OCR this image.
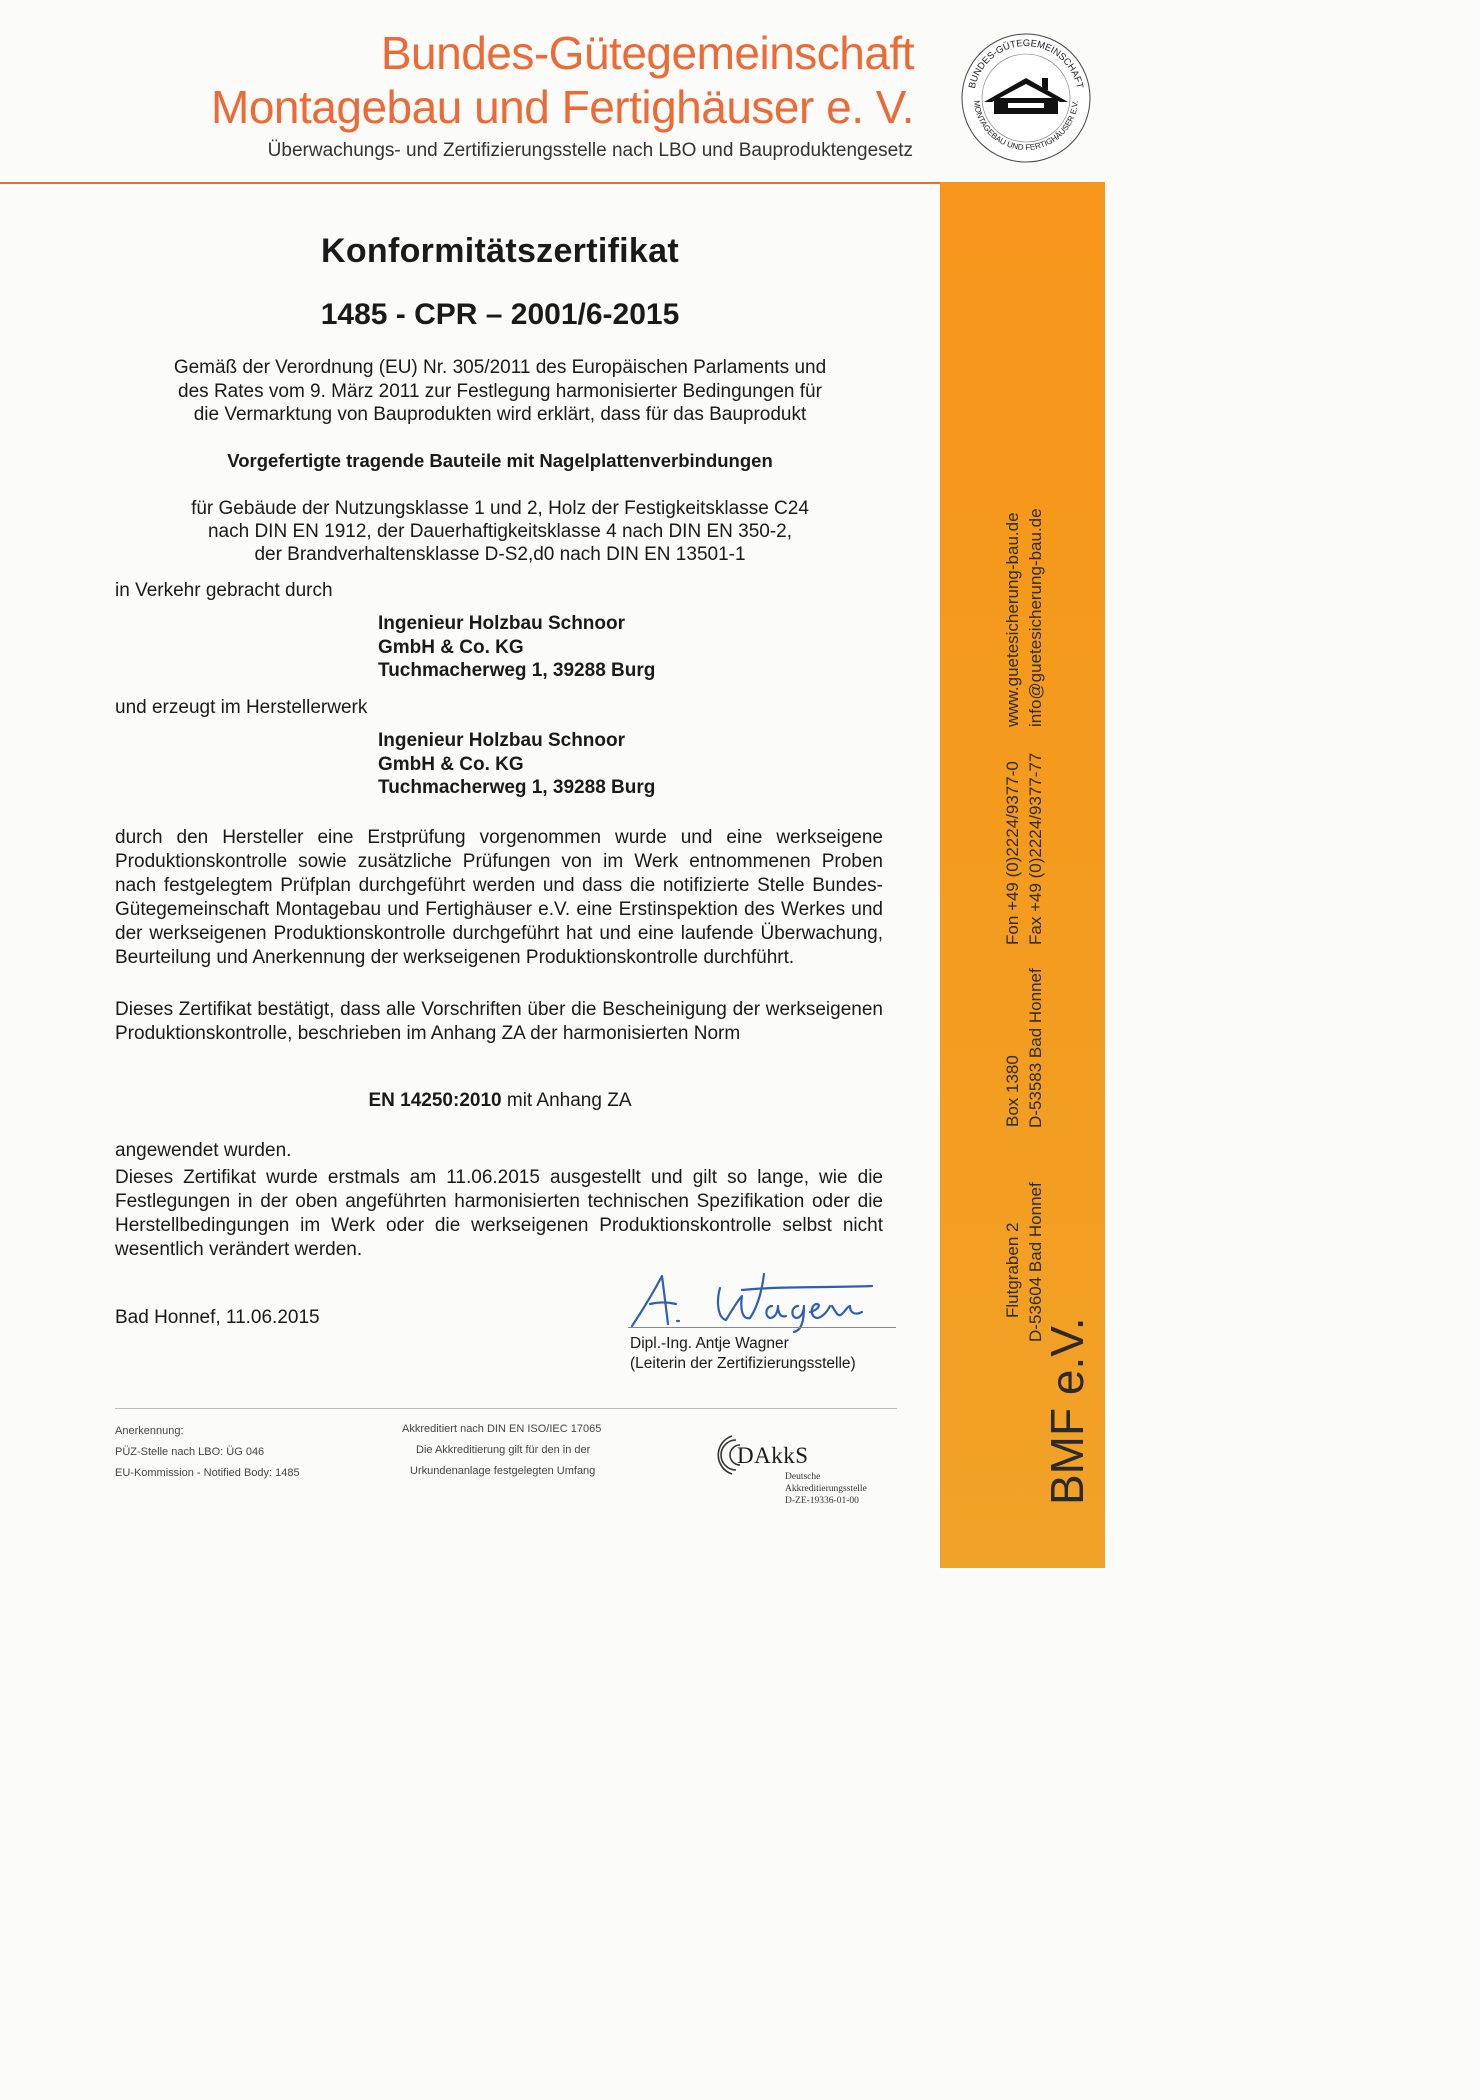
Bundes-Gütegemeinschaft
Montagebau und Fertighäuser e. V.
Überwachungs- und Zertifizierungsstelle nach LBO und Bauproduktengesetz
BUNDES-GÜTEGEMEINSCHAFT
MONTAGEBAU UND FERTIGHÄUSER E.V.
BMF e.V.
Flutgraben 2 D-53604 Bad Honnef
Box 1380 D-53583 Bad Honnef
Fon +49 (0)2224/9377-0 Fax +49 (0)2224/9377-77
www.guetesicherung-bau.de info@guetesicherung-bau.de
Konformitätszertifikat
1485 - CPR – 2001/6-2015
Gemäß der Verordnung (EU) Nr. 305/2011 des Europäischen Parlaments und
des Rates vom 9. März 2011 zur Festlegung harmonisierter Bedingungen für
die Vermarktung von Bauprodukten wird erklärt, dass für das Bauprodukt
Vorgefertigte tragende Bauteile mit Nagelplattenverbindungen
für Gebäude der Nutzungsklasse 1 und 2, Holz der Festigkeitsklasse C24
nach DIN EN 1912, der Dauerhaftigkeitsklasse 4 nach DIN EN 350-2,
der Brandverhaltensklasse D-S2,d0 nach DIN EN 13501-1
in Verkehr gebracht durch
Ingenieur Holzbau Schnoor
GmbH & Co. KG
Tuchmacherweg 1, 39288 Burg
und erzeugt im Herstellerwerk
Ingenieur Holzbau Schnoor
GmbH & Co. KG
Tuchmacherweg 1, 39288 Burg
durch den Hersteller eine Erstprüfung vorgenommen wurde und eine werkseigene Produktionskontrolle sowie zusätzliche Prüfungen von im Werk entnommenen Proben nach festgelegtem Prüfplan durchgeführt werden und dass die notifizierte Stelle Bundes-Gütegemeinschaft Montagebau und Fertighäuser e.V. eine Erstinspektion des Werkes und der werkseigenen Produktionskontrolle durchgeführt hat und eine laufende Überwachung, Beurteilung und Anerkennung der werkseigenen Produktionskontrolle durchführt.
Dieses Zertifikat bestätigt, dass alle Vorschriften über die Bescheinigung der werkseigenen Produktionskontrolle, beschrieben im Anhang ZA der harmonisierten Norm
EN 14250:2010 mit Anhang ZA
angewendet wurden.
Dieses Zertifikat wurde erstmals am 11.06.2015 ausgestellt und gilt so lange, wie die Festlegungen in der oben angeführten harmonisierten technischen Spezifikation oder die Herstellbedingungen im Werk oder die werkseigenen Produktionskontrolle selbst nicht wesentlich verändert werden.
Bad Honnef, 11.06.2015
Dipl.-Ing. Antje Wagner
(Leiterin der Zertifizierungsstelle)
Anerkennung:
PÜZ-Stelle nach LBO: ÜG 046
EU-Kommission - Notified Body: 1485
Akkreditiert nach DIN EN ISO/IEC 17065
Die Akkreditierung gilt für den in der
Urkundenanlage festgelegten Umfang
DAkkS
Deutsche
Akkreditierungsstelle
D-ZE-19336-01-00
